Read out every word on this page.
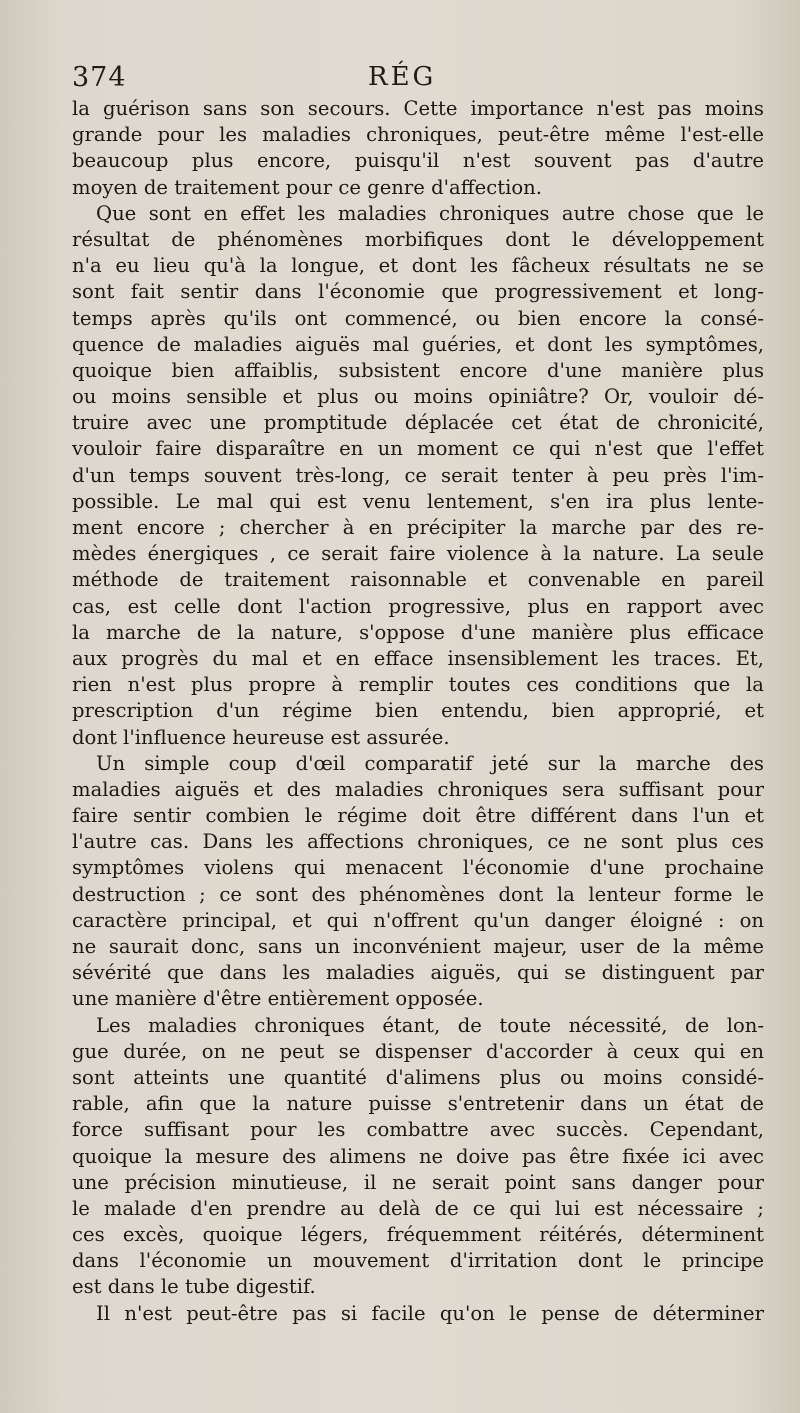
374	RÉG
la guérison sans son secours. Cette importance n'est pas moins
grande pour les maladies chroniques, peut-être même l'est-elle
beaucoup plus encore, puisqu'il n'est souvent pas d'autre
moyen de traitement pour ce genre d'affection.
Que sont en effet les maladies chroniques autre chose que le
résultat de phénomènes morbifiques dont le développement
n'a eu lieu qu'à la longue, et dont les fâcheux résultats ne se
sont fait sentir dans l'économie que progressivement et long-
temps après qu'ils ont commencé, ou bien encore la consé-
quence de maladies aiguës mal guéries, et dont les symptômes,
quoique bien affaiblis, subsistent encore d'une manière plus
ou moins sensible et plus ou moins opiniâtre? Or, vouloir dé-
truire avec une promptitude déplacée cet état de chronicité,
vouloir faire disparaître en un moment ce qui n'est que l'effet
d'un temps souvent très-long, ce serait tenter à peu près l'im-
possible. Le mal qui est venu lentement, s'en ira plus lente-
ment encore ; chercher à en précipiter la marche par des re-
mèdes énergiques , ce serait faire violence à la nature. La seule
méthode de traitement raisonnable et convenable en pareil
cas, est celle dont l'action progressive, plus en rapport avec
la marche de la nature, s'oppose d'une manière plus efficace
aux progrès du mal et en efface insensiblement les traces. Et,
rien n'est plus propre à remplir toutes ces conditions que la
prescription d'un régime bien entendu, bien approprié, et
dont l'influence heureuse est assurée.
Un simple coup d'œil comparatif jeté sur la marche des
maladies aiguës et des maladies chroniques sera suffisant pour
faire sentir combien le régime doit être différent dans l'un et
l'autre cas. Dans les affections chroniques, ce ne sont plus ces
symptômes violens qui menacent l'économie d'une prochaine
destruction ; ce sont des phénomènes dont la lenteur forme le
caractère principal, et qui n'offrent qu'un danger éloigné : on
ne saurait donc, sans un inconvénient majeur, user de la même
sévérité que dans les maladies aiguës, qui se distinguent par
une manière d'être entièrement opposée.
Les maladies chroniques étant, de toute nécessité, de lon-
gue durée, on ne peut se dispenser d'accorder à ceux qui en
sont atteints une quantité d'alimens plus ou moins considé-
rable, afin que la nature puisse s'entretenir dans un état de
force suffisant pour les combattre avec succès. Cependant,
quoique la mesure des alimens ne doive pas être fixée ici avec
une précision minutieuse, il ne serait point sans danger pour
le malade d'en prendre au delà de ce qui lui est nécessaire ;
ces excès, quoique légers, fréquemment réitérés, déterminent
dans l'économie un mouvement d'irritation dont le principe
est dans le tube digestif.
Il n'est peut-être pas si facile qu'on le pense de déterminer
